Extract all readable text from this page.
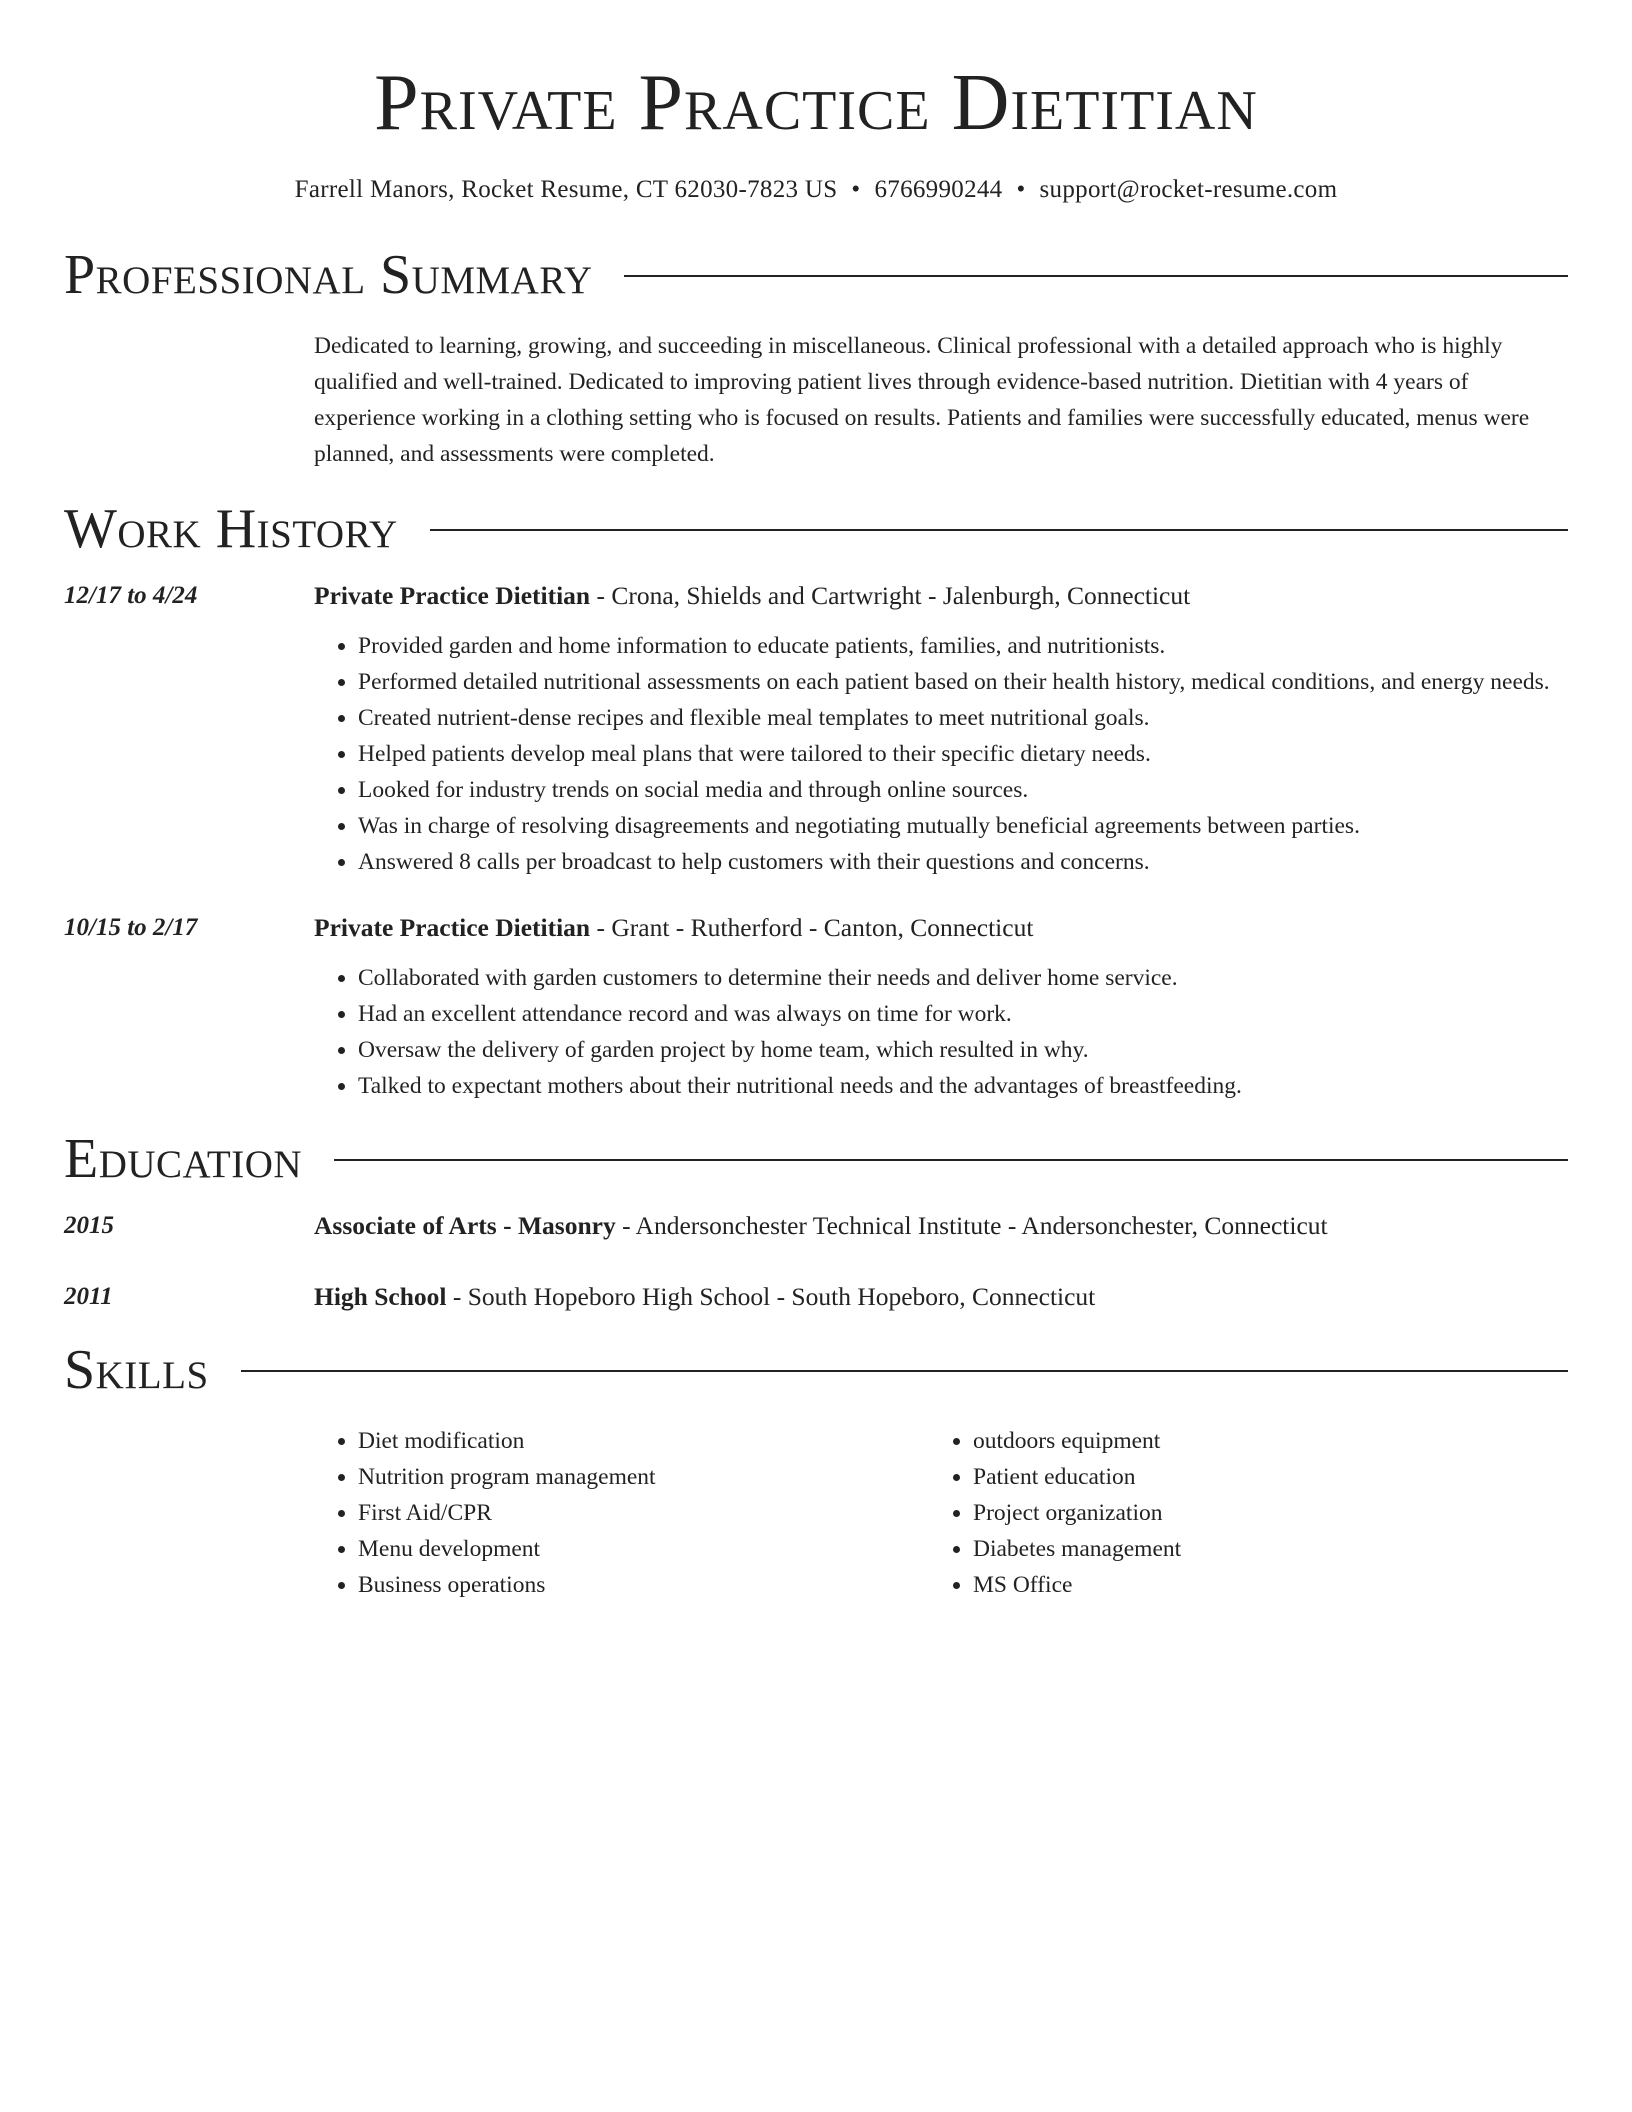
Private Practice Dietitian
Farrell Manors, Rocket Resume, CT 62030-7823 US • 6766990244 • support@rocket-resume.com
Professional Summary
Dedicated to learning, growing, and succeeding in miscellaneous. Clinical professional with a detailed approach who is highly qualified and well-trained. Dedicated to improving patient lives through evidence-based nutrition. Dietitian with 4 years of experience working in a clothing setting who is focused on results. Patients and families were successfully educated, menus were planned, and assessments were completed.
Work History
12/17 to 4/24	Private Practice Dietitian - Crona, Shields and Cartwright - Jalenburgh, Connecticut
• Provided garden and home information to educate patients, families, and nutritionists.
• Performed detailed nutritional assessments on each patient based on their health history, medical conditions, and energy needs.
• Created nutrient-dense recipes and flexible meal templates to meet nutritional goals.
• Helped patients develop meal plans that were tailored to their specific dietary needs.
• Looked for industry trends on social media and through online sources.
• Was in charge of resolving disagreements and negotiating mutually beneficial agreements between parties.
• Answered 8 calls per broadcast to help customers with their questions and concerns.
10/15 to 2/17	Private Practice Dietitian - Grant - Rutherford - Canton, Connecticut
• Collaborated with garden customers to determine their needs and deliver home service.
• Had an excellent attendance record and was always on time for work.
• Oversaw the delivery of garden project by home team, which resulted in why.
• Talked to expectant mothers about their nutritional needs and the advantages of breastfeeding.
Education
2015	Associate of Arts - Masonry - Andersonchester Technical Institute - Andersonchester, Connecticut
2011	High School - South Hopeboro High School - South Hopeboro, Connecticut
Skills
• Diet modification
• Nutrition program management
• First Aid/CPR
• Menu development
• Business operations
• outdoors equipment
• Patient education
• Project organization
• Diabetes management
• MS Office
